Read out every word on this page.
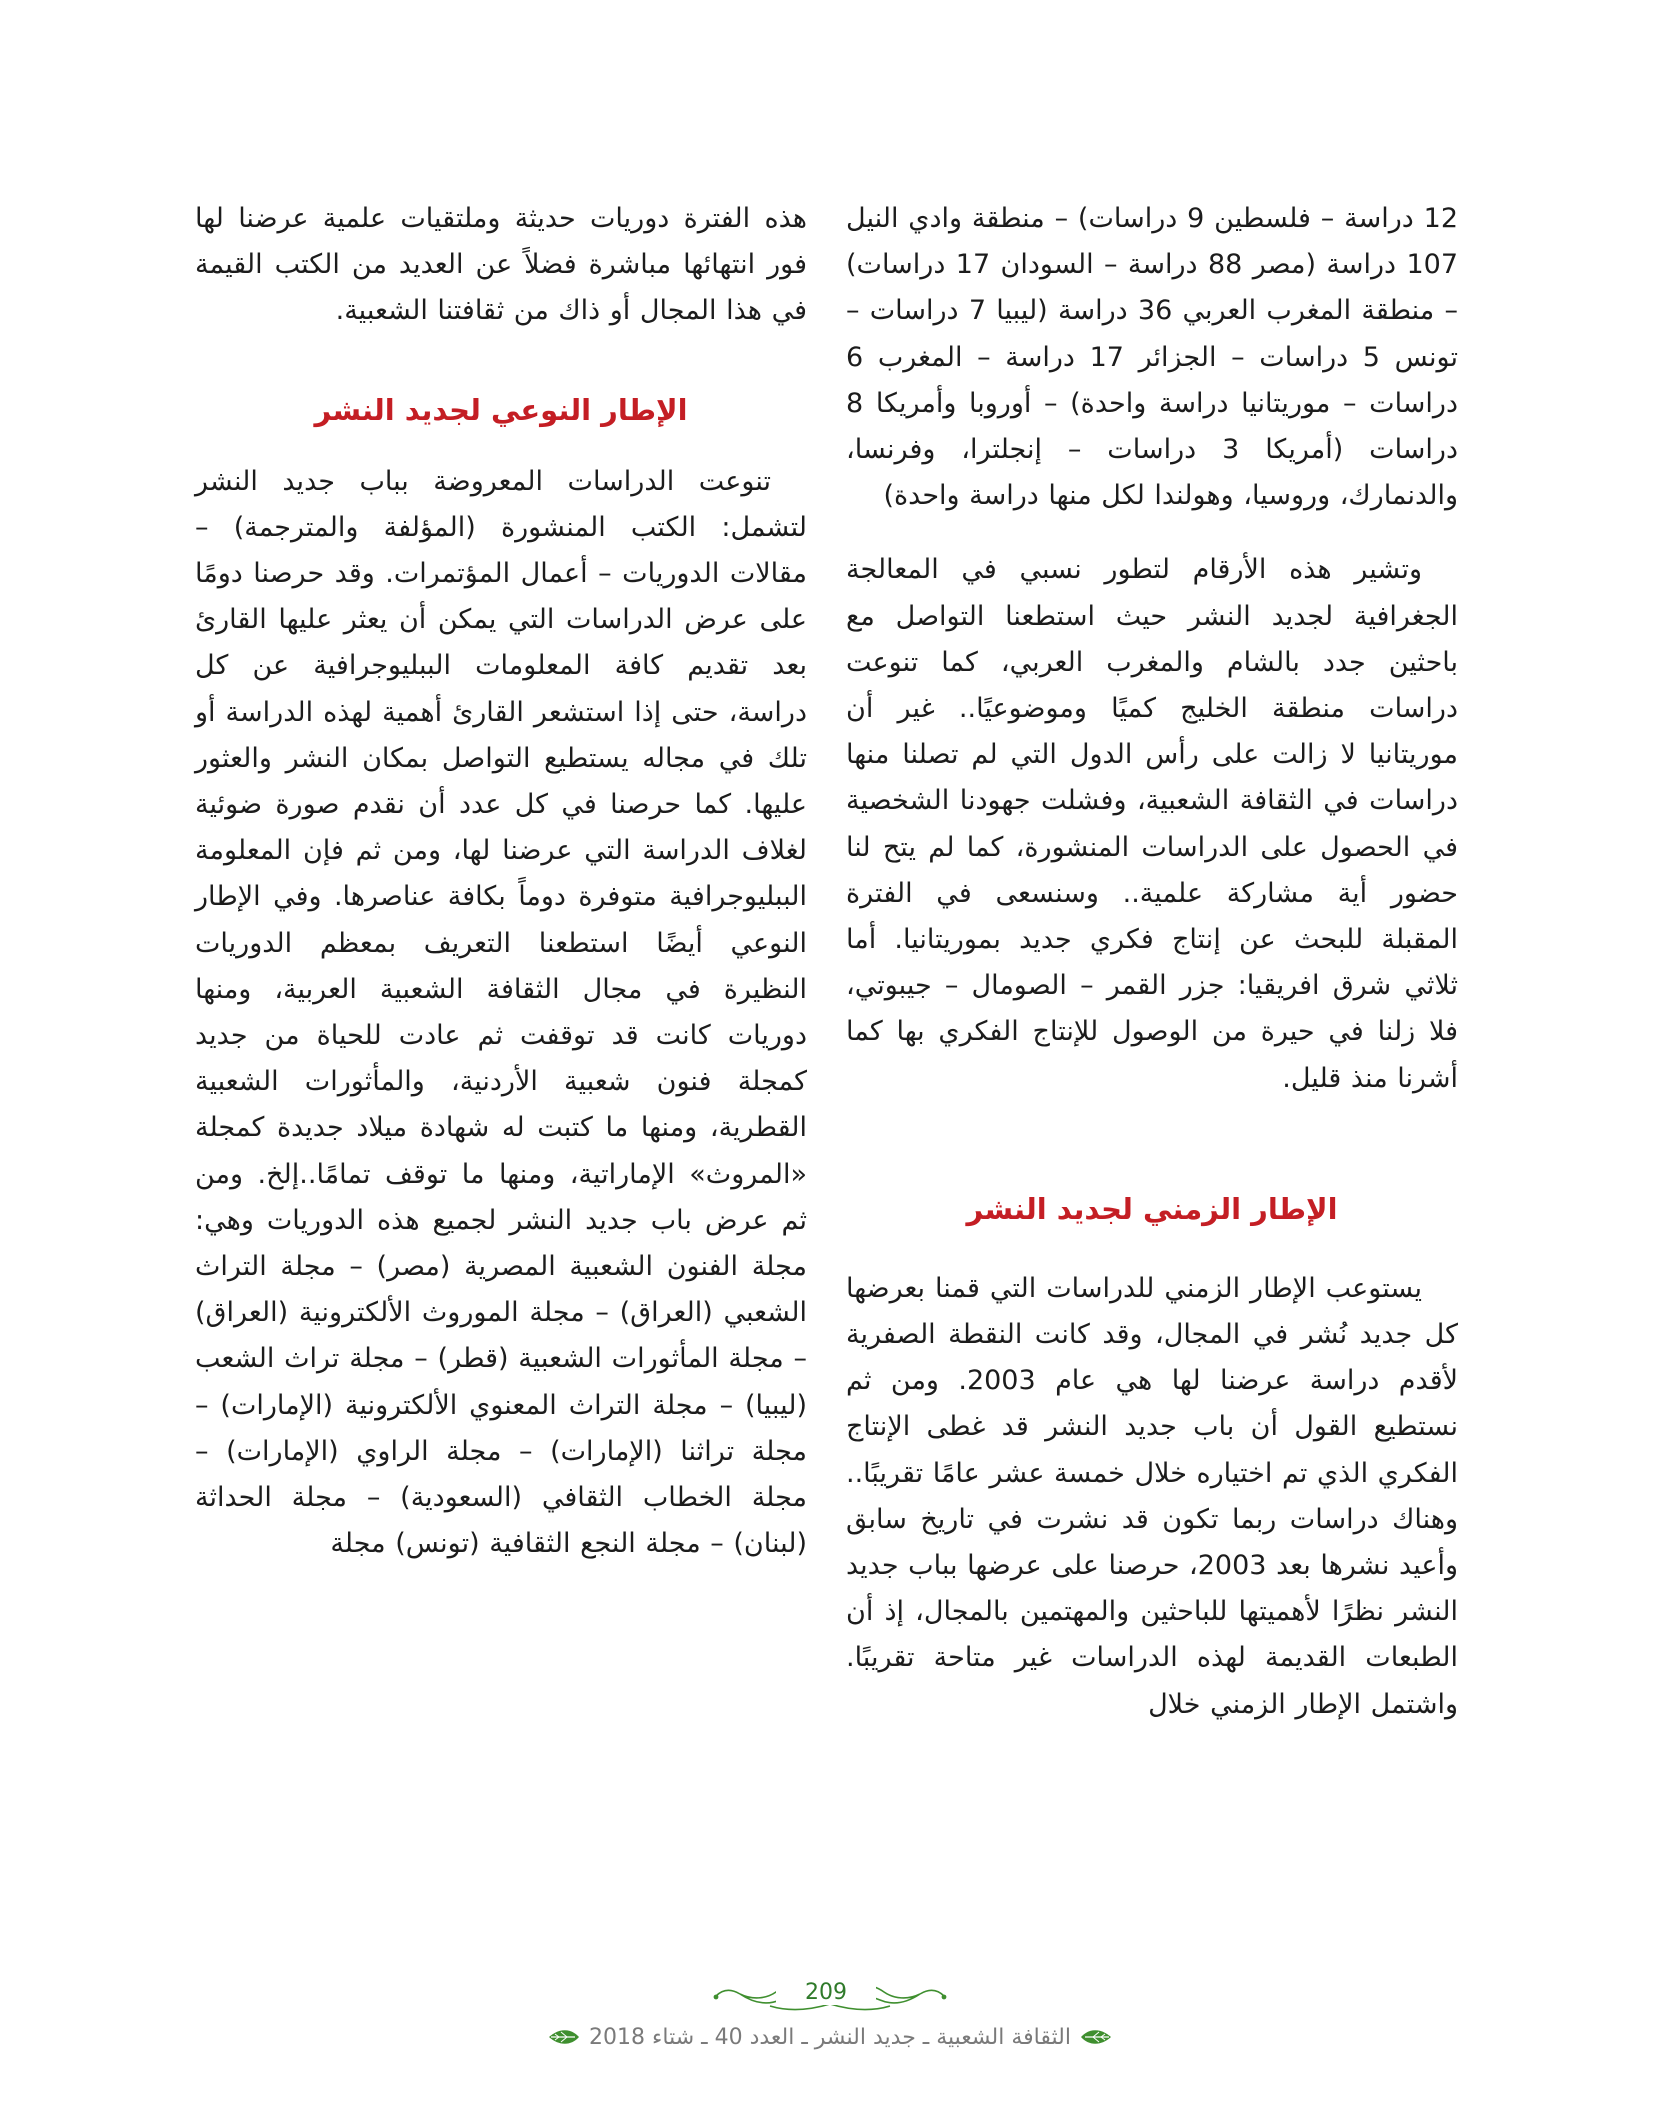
12 دراسة – فلسطين 9 دراسات) – منطقة وادي النيل 107 دراسة (مصر 88 دراسة – السودان 17 دراسات) – منطقة المغرب العربي 36 دراسة (ليبيا 7 دراسات – تونس 5 دراسات – الجزائر 17 دراسة – المغرب 6 دراسات – موريتانيا دراسة واحدة) – أوروبا وأمريكا 8 دراسات (أمريكا 3 دراسات – إنجلترا، وفرنسا، والدنمارك، وروسيا، وهولندا لكل منها دراسة واحدة)

وتشير هذه الأرقام لتطور نسبي في المعالجة الجغرافية لجديد النشر حيث استطعنا التواصل مع باحثين جدد بالشام والمغرب العربي، كما تنوعت دراسات منطقة الخليج كميًا وموضوعيًا.. غير أن موريتانيا لا زالت على رأس الدول التي لم تصلنا منها دراسات في الثقافة الشعبية، وفشلت جهودنا الشخصية في الحصول على الدراسات المنشورة، كما لم يتح لنا حضور أية مشاركة علمية.. وسنسعى في الفترة المقبلة للبحث عن إنتاج فكري جديد بموريتانيا. أما ثلاثي شرق افريقيا: جزر القمر – الصومال – جيبوتي، فلا زلنا في حيرة من الوصول للإنتاج الفكري بها كما أشرنا منذ قليل.

الإطار الزمني لجديد النشر

يستوعب الإطار الزمني للدراسات التي قمنا بعرضها كل جديد نُشر في المجال، وقد كانت النقطة الصفرية لأقدم دراسة عرضنا لها هي عام 2003. ومن ثم نستطيع القول أن باب جديد النشر قد غطى الإنتاج الفكري الذي تم اختياره خلال خمسة عشر عامًا تقريبًا.. وهناك دراسات ربما تكون قد نشرت في تاريخ سابق وأعيد نشرها بعد 2003، حرصنا على عرضها بباب جديد النشر نظرًا لأهميتها للباحثين والمهتمين بالمجال، إذ أن الطبعات القديمة لهذه الدراسات غير متاحة تقريبًا. واشتمل الإطار الزمني خلال

هذه الفترة دوريات حديثة وملتقيات علمية عرضنا لها فور انتهائها مباشرة فضلاً عن العديد من الكتب القيمة في هذا المجال أو ذاك من ثقافتنا الشعبية.

الإطار النوعي لجديد النشر

تنوعت الدراسات المعروضة بباب جديد النشر لتشمل: الكتب المنشورة (المؤلفة والمترجمة) – مقالات الدوريات – أعمال المؤتمرات. وقد حرصنا دومًا على عرض الدراسات التي يمكن أن يعثر عليها القارئ بعد تقديم كافة المعلومات الببليوجرافية عن كل دراسة، حتى إذا استشعر القارئ أهمية لهذه الدراسة أو تلك في مجاله يستطيع التواصل بمكان النشر والعثور عليها. كما حرصنا في كل عدد أن نقدم صورة ضوئية لغلاف الدراسة التي عرضنا لها، ومن ثم فإن المعلومة الببليوجرافية متوفرة دوماً بكافة عناصرها. وفي الإطار النوعي أيضًا استطعنا التعريف بمعظم الدوريات النظيرة في مجال الثقافة الشعبية العربية، ومنها دوريات كانت قد توقفت ثم عادت للحياة من جديد كمجلة فنون شعبية الأردنية، والمأثورات الشعبية القطرية، ومنها ما كتبت له شهادة ميلاد جديدة كمجلة «المروث» الإماراتية، ومنها ما توقف تمامًا..إلخ. ومن ثم عرض باب جديد النشر لجميع هذه الدوريات وهي: مجلة الفنون الشعبية المصرية (مصر) – مجلة التراث الشعبي (العراق) – مجلة الموروث الألكترونية (العراق) – مجلة المأثورات الشعبية (قطر) – مجلة تراث الشعب (ليبيا) – مجلة التراث المعنوي الألكترونية (الإمارات) – مجلة تراثنا (الإمارات) – مجلة الراوي (الإمارات) – مجلة الخطاب الثقافي (السعودية) – مجلة الحداثة (لبنان) – مجلة النجع الثقافية (تونس) مجلة

209
الثقافة الشعبية ـ جديد النشر ـ العدد 40 ـ شتاء 2018
